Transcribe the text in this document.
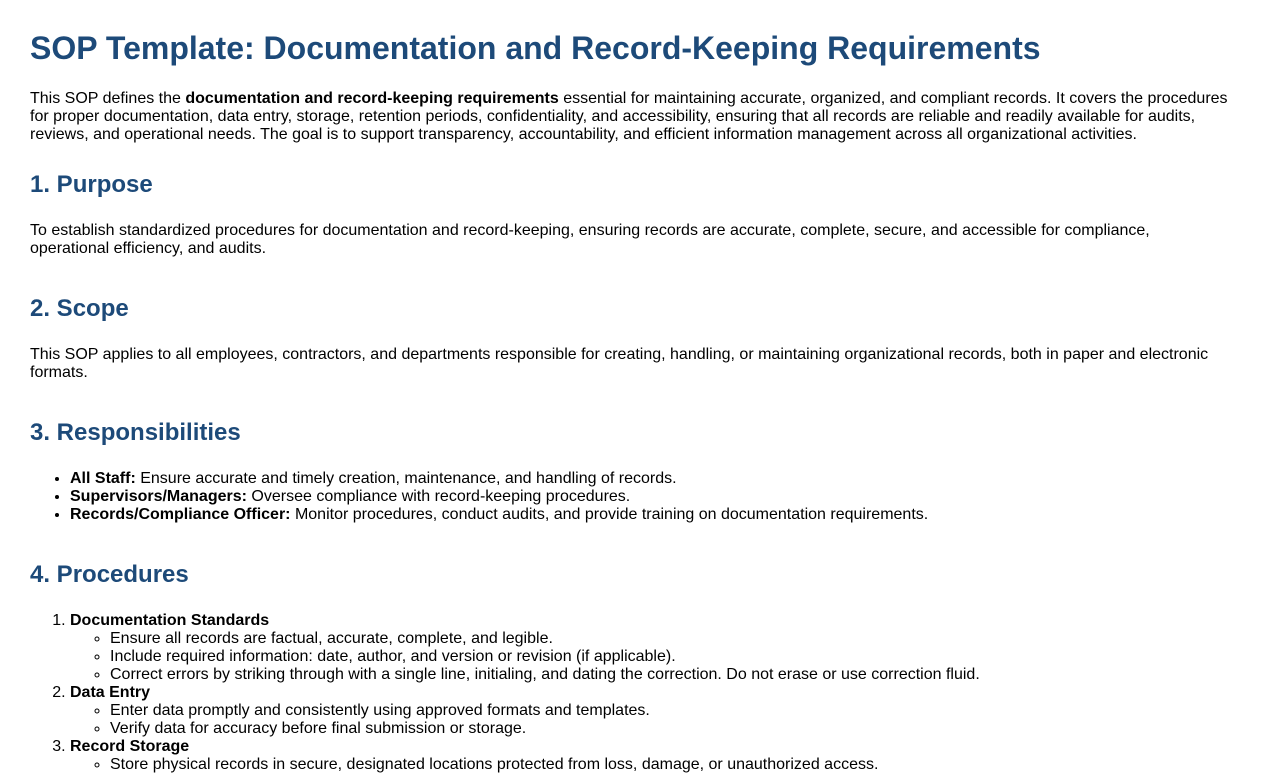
SOP Template: Documentation and Record-Keeping Requirements

This SOP defines the documentation and record-keeping requirements essential for maintaining accurate, organized, and compliant records. It covers the procedures for proper documentation, data entry, storage, retention periods, confidentiality, and accessibility, ensuring that all records are reliable and readily available for audits, reviews, and operational needs. The goal is to support transparency, accountability, and efficient information management across all organizational activities.

1. Purpose

To establish standardized procedures for documentation and record-keeping, ensuring records are accurate, complete, secure, and accessible for compliance, operational efficiency, and audits.

2. Scope

This SOP applies to all employees, contractors, and departments responsible for creating, handling, or maintaining organizational records, both in paper and electronic formats.

3. Responsibilities
• All Staff: Ensure accurate and timely creation, maintenance, and handling of records.
• Supervisors/Managers: Oversee compliance with record-keeping procedures.
• Records/Compliance Officer: Monitor procedures, conduct audits, and provide training on documentation requirements.
4. Procedures
1. Documentation Standards
◦ Ensure all records are factual, accurate, complete, and legible.
◦ Include required information: date, author, and version or revision (if applicable).
◦ Correct errors by striking through with a single line, initialing, and dating the correction. Do not erase or use correction fluid.
2. Data Entry
◦ Enter data promptly and consistently using approved formats and templates.
◦ Verify data for accuracy before final submission or storage.
3. Record Storage
◦ Store physical records in secure, designated locations protected from loss, damage, or unauthorized access.
